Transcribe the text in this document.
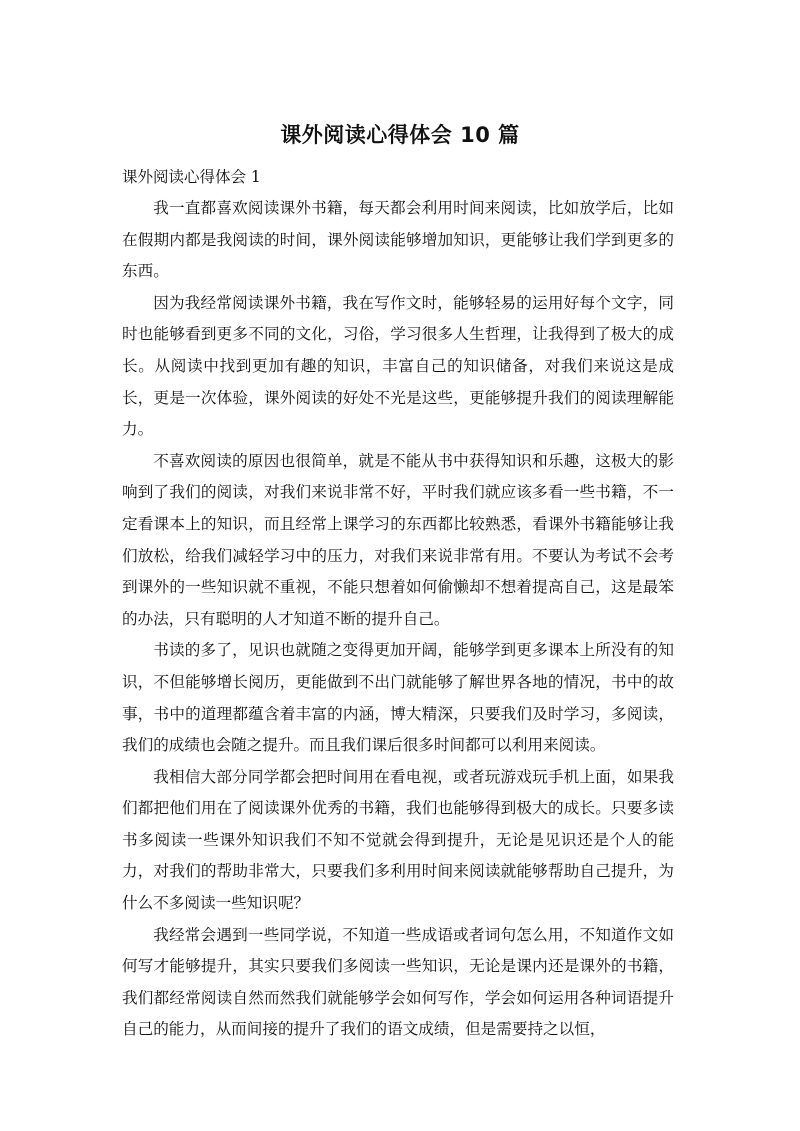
课外阅读心得体会 10 篇

课外阅读心得体会 1

我一直都喜欢阅读课外书籍，每天都会利用时间来阅读，比如放学后，比如在假期内都是我阅读的时间，课外阅读能够增加知识，更能够让我们学到更多的东西。

因为我经常阅读课外书籍，我在写作文时，能够轻易的运用好每个文字，同时也能够看到更多不同的文化，习俗，学习很多人生哲理，让我得到了极大的成长。从阅读中找到更加有趣的知识，丰富自己的知识储备，对我们来说这是成长，更是一次体验，课外阅读的好处不光是这些，更能够提升我们的阅读理解能力。

不喜欢阅读的原因也很简单，就是不能从书中获得知识和乐趣，这极大的影响到了我们的阅读，对我们来说非常不好，平时我们就应该多看一些书籍，不一定看课本上的知识，而且经常上课学习的东西都比较熟悉，看课外书籍能够让我们放松，给我们减轻学习中的压力，对我们来说非常有用。不要认为考试不会考到课外的一些知识就不重视，不能只想着如何偷懒却不想着提高自己，这是最笨的办法，只有聪明的人才知道不断的提升自己。

书读的多了，见识也就随之变得更加开阔，能够学到更多课本上所没有的知识，不但能够增长阅历，更能做到不出门就能够了解世界各地的情况，书中的故事，书中的道理都蕴含着丰富的内涵，博大精深，只要我们及时学习，多阅读，我们的成绩也会随之提升。而且我们课后很多时间都可以利用来阅读。

我相信大部分同学都会把时间用在看电视，或者玩游戏玩手机上面，如果我们都把他们用在了阅读课外优秀的书籍，我们也能够得到极大的成长。只要多读书多阅读一些课外知识我们不知不觉就会得到提升，无论是见识还是个人的能力，对我们的帮助非常大，只要我们多利用时间来阅读就能够帮助自己提升，为什么不多阅读一些知识呢？

我经常会遇到一些同学说，不知道一些成语或者词句怎么用，不知道作文如何写才能够提升，其实只要我们多阅读一些知识，无论是课内还是课外的书籍，我们都经常阅读自然而然我们就能够学会如何写作，学会如何运用各种词语提升自己的能力，从而间接的提升了我们的语文成绩，但是需要持之以恒，
